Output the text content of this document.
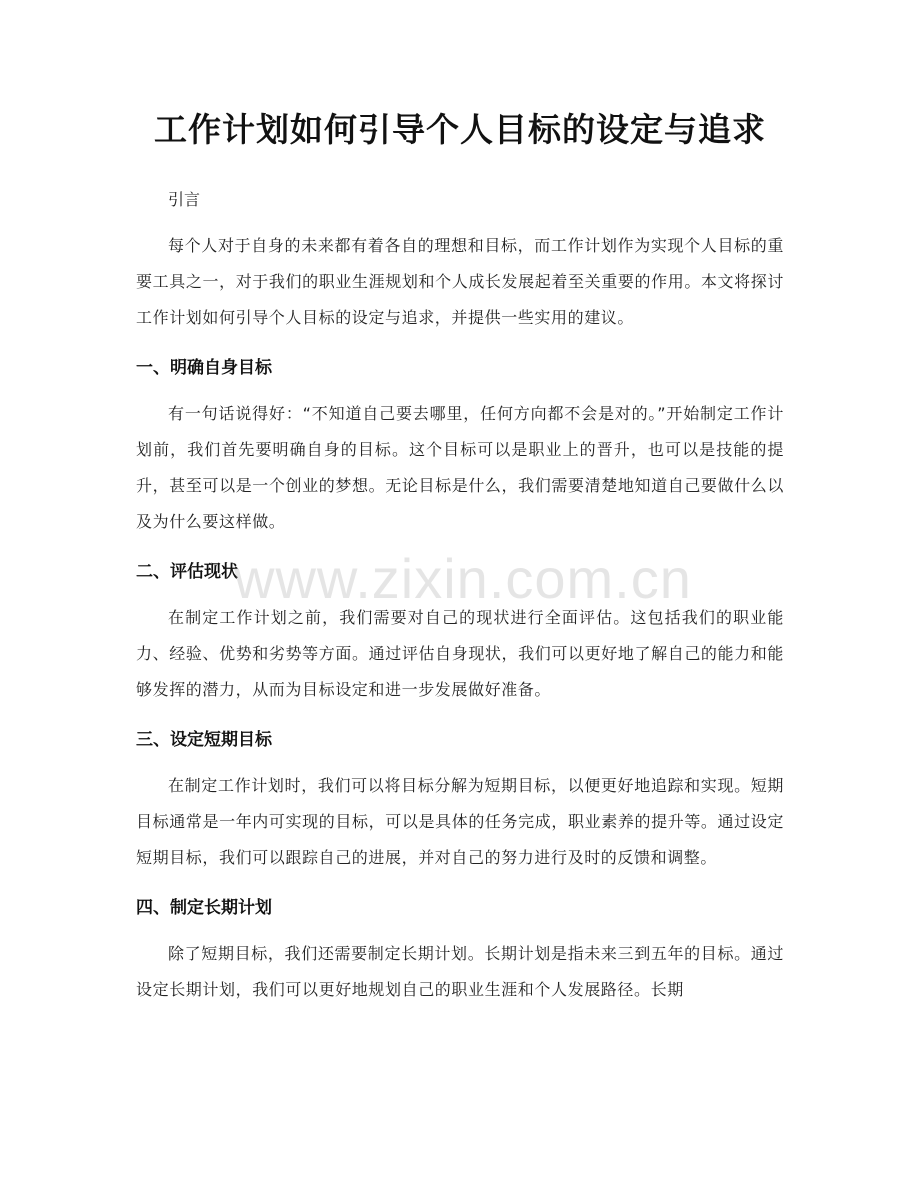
工作计划如何引导个人目标的设定与追求

引言

每个人对于自身的未来都有着各自的理想和目标，而工作计划作为实现个人目标的重要工具之一，对于我们的职业生涯规划和个人成长发展起着至关重要的作用。本文将探讨工作计划如何引导个人目标的设定与追求，并提供一些实用的建议。

一、明确自身目标

有一句话说得好：“不知道自己要去哪里，任何方向都不会是对的。”开始制定工作计划前，我们首先要明确自身的目标。这个目标可以是职业上的晋升，也可以是技能的提升，甚至可以是一个创业的梦想。无论目标是什么，我们需要清楚地知道自己要做什么以及为什么要这样做。

二、评估现状

在制定工作计划之前，我们需要对自己的现状进行全面评估。这包括我们的职业能力、经验、优势和劣势等方面。通过评估自身现状，我们可以更好地了解自己的能力和能够发挥的潜力，从而为目标设定和进一步发展做好准备。

三、设定短期目标

在制定工作计划时，我们可以将目标分解为短期目标，以便更好地追踪和实现。短期目标通常是一年内可实现的目标，可以是具体的任务完成，职业素养的提升等。通过设定短期目标，我们可以跟踪自己的进展，并对自己的努力进行及时的反馈和调整。

四、制定长期计划

除了短期目标，我们还需要制定长期计划。长期计划是指未来三到五年的目标。通过设定长期计划，我们可以更好地规划自己的职业生涯和个人发展路径。长期

www.zixin.com.cn
